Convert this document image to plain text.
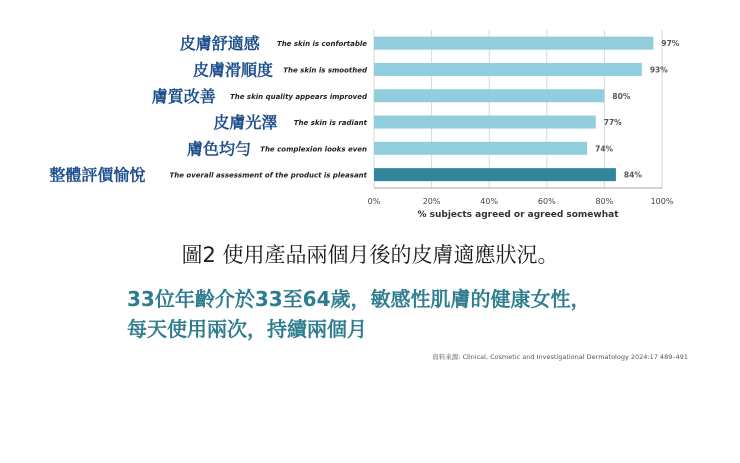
0%	20%	40%	60%	80%	100%
% subjects agreed or agreed somewhat
97%
The skin is confortable
皮膚舒適感
93%
The skin is smoothed
皮膚滑順度
80%
The skin quality appears improved
膚質改善
77%
The skin is radiant
皮膚光澤
74%
The complexion looks even
膚色均勻
84%
The overall assessment of the product is pleasant
整體評價愉悅
圖2 使用產品兩個月後的皮膚適應狀況。
33位年齡介於33至64歲，敏感性肌膚的健康女性，
每天使用兩次，持續兩個月
資料來源: Clinical, Cosmetic and Investigational Dermatology 2024:17 489–491
